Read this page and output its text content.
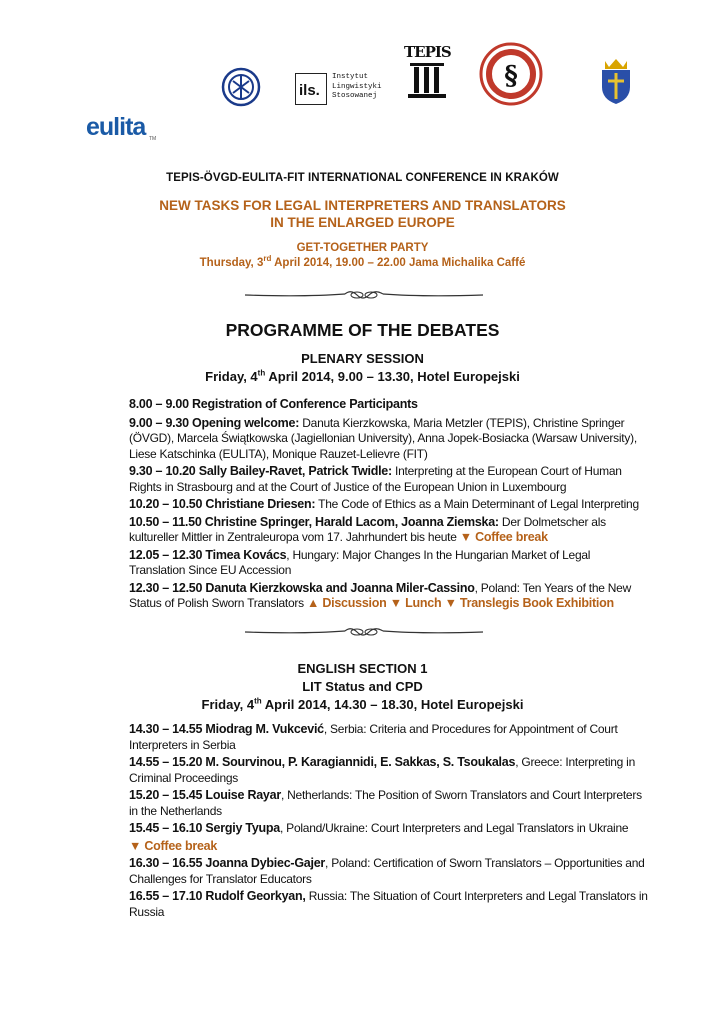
ils.
Instytut
Lingwistyki
Stosowanej
TEPIS
§
eulita TM
TEPIS-ÖVGD-EULITA-FIT INTERNATIONAL CONFERENCE IN KRAKÓW
NEW TASKS FOR LEGAL INTERPRETERS AND TRANSLATORS
IN THE ENLARGED EUROPE
GET-TOGETHER PARTY
Thursday, 3rd April 2014, 19.00 – 22.00 Jama Michalika Caffé
PROGRAMME OF THE DEBATES
PLENARY SESSION
Friday, 4th April 2014, 9.00 – 13.30, Hotel Europejski
8.00 – 9.00 Registration of Conference Participants
9.00 – 9.30 Opening welcome: Danuta Kierzkowska, Maria Metzler (TEPIS), Christine Springer (ÖVGD), Marcela Świątkowska (Jagiellonian University), Anna Jopek-Bosiacka (Warsaw University), Liese Katschinka (EULITA), Monique Rauzet-Lelievre (FIT)
9.30 – 10.20 Sally Bailey-Ravet, Patrick Twidle: Interpreting at the European Court of Human Rights in Strasbourg and at the Court of Justice of the European Union in Luxembourg
10.20 – 10.50 Christiane Driesen: The Code of Ethics as a Main Determinant of Legal Interpreting
10.50 – 11.50 Christine Springer, Harald Lacom, Joanna Ziemska: Der Dolmetscher als kultureller Mittler in Zentraleuropa vom 17. Jahrhundert bis heute ▼ Coffee break
12.05 – 12.30 Timea Kovács, Hungary: Major Changes In the Hungarian Market of Legal Translation Since EU Accession
12.30 – 12.50 Danuta Kierzkowska and Joanna Miler-Cassino, Poland: Ten Years of the New Status of Polish Sworn Translators ▲ Discussion ▼ Lunch ▼ Translegis Book Exhibition
ENGLISH SECTION 1
LIT Status and CPD
Friday, 4th April 2014, 14.30 – 18.30, Hotel Europejski
14.30 – 14.55 Miodrag M. Vukcević, Serbia: Criteria and Procedures for Appointment of Court Interpreters in Serbia
14.55 – 15.20 M. Sourvinou, P. Karagiannidi, E. Sakkas, S. Tsoukalas, Greece: Interpreting in Criminal Proceedings
15.20 – 15.45 Louise Rayar, Netherlands: The Position of Sworn Translators and Court Interpreters in the Netherlands
15.45 – 16.10 Sergiy Tyupa, Poland/Ukraine: Court Interpreters and Legal Translators in Ukraine
▼ Coffee break
16.30 – 16.55 Joanna Dybiec-Gajer, Poland: Certification of Sworn Translators – Opportunities and Challenges for Translator Educators
16.55 – 17.10 Rudolf Georkyan, Russia: The Situation of Court Interpreters and Legal Translators in Russia
